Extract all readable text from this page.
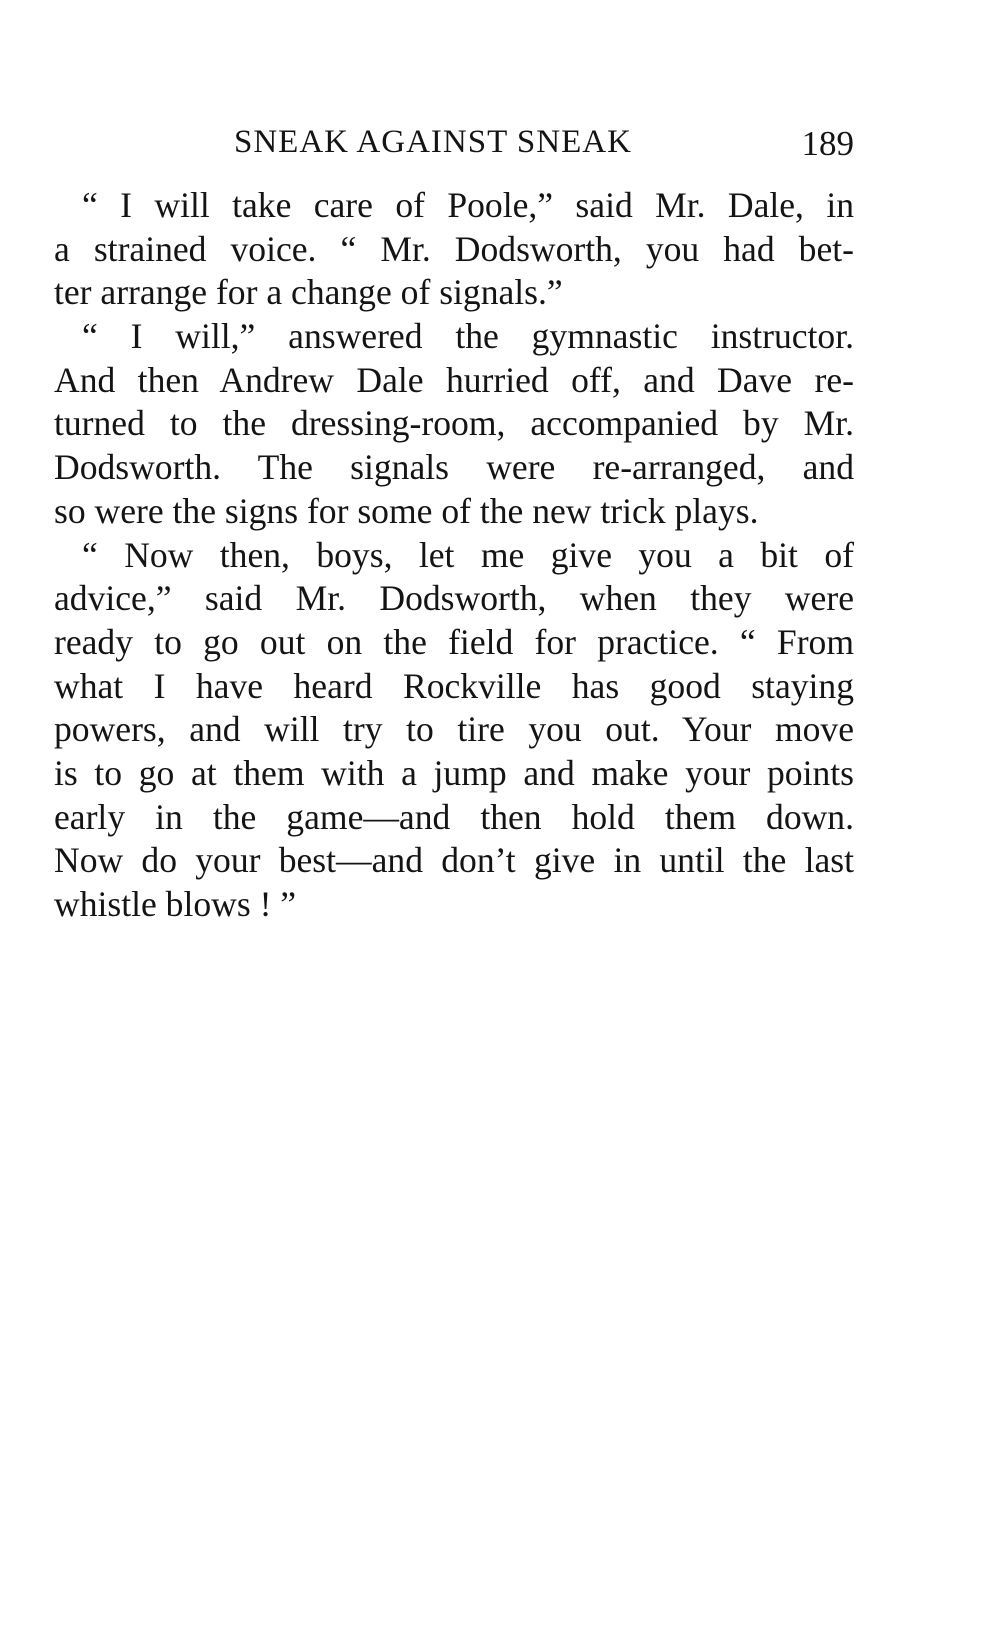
SNEAK AGAINST SNEAK	189
“ I will take care of Poole,” said Mr. Dale, in
a strained voice. “ Mr. Dodsworth, you had bet-
ter arrange for a change of signals.”
“ I will,” answered the gymnastic instructor.
And then Andrew Dale hurried off, and Dave re-
turned to the dressing-room, accompanied by Mr.
Dodsworth. The signals were re-arranged, and
so were the signs for some of the new trick plays.
“ Now then, boys, let me give you a bit of
advice,” said Mr. Dodsworth, when they were
ready to go out on the field for practice. “ From
what I have heard Rockville has good staying
powers, and will try to tire you out. Your move
is to go at them with a jump and make your points
early in the game—and then hold them down.
Now do your best—and don’t give in until the last
whistle blows ! ”
